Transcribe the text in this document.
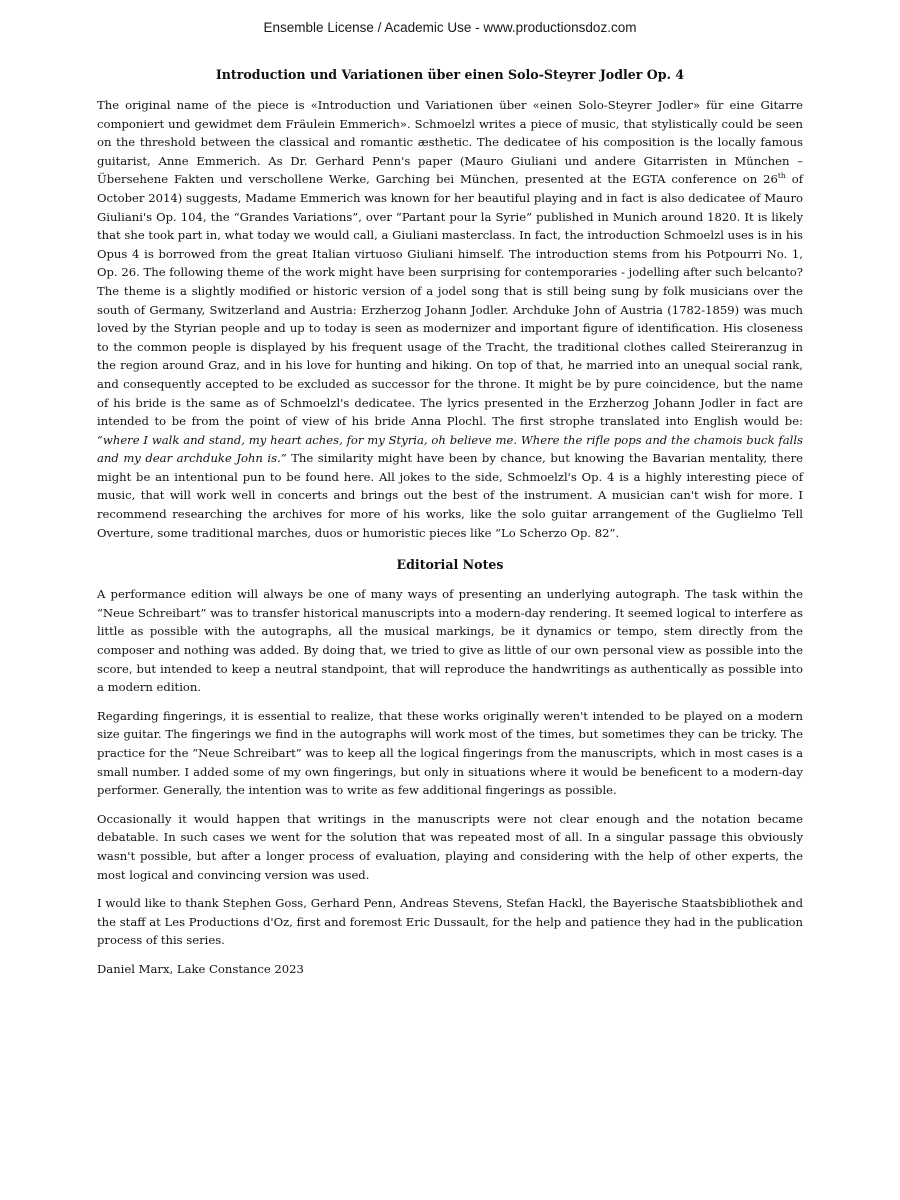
Ensemble License / Academic Use - www.productionsdoz.com
Introduction und Variationen über einen Solo-Steyrer Jodler Op. 4

The original name of the piece is «Introduction und Variationen über «einen Solo-Steyrer Jodler» für eine Gitarre componiert und gewidmet dem Fräulein Emmerich». Schmoelzl writes a piece of music, that stylistically could be seen on the threshold between the classical and romantic æsthetic. The dedicatee of his composition is the locally famous guitarist, Anne Emmerich. As Dr. Gerhard Penn's paper (Mauro Giuliani und andere Gitarristen in München – Übersehene Fakten und verschollene Werke, Garching bei München, presented at the EGTA conference on 26th of October 2014) suggests, Madame Emmerich was known for her beautiful playing and in fact is also dedicatee of Mauro Giuliani's Op. 104, the “Grandes Variations”, over “Partant pour la Syrie” published in Munich around 1820. It is likely that she took part in, what today we would call, a Giuliani masterclass. In fact, the introduction Schmoelzl uses is in his Opus 4 is borrowed from the great Italian virtuoso Giuliani himself. The introduction stems from his Potpourri No. 1, Op. 26. The following theme of the work might have been surprising for contemporaries - jodelling after such belcanto? The theme is a slightly modified or historic version of a jodel song that is still being sung by folk musicians over the south of Germany, Switzerland and Austria: Erzherzog Johann Jodler. Archduke John of Austria (1782-1859) was much loved by the Styrian people and up to today is seen as modernizer and important figure of identification. His closeness to the common people is displayed by his frequent usage of the Tracht, the traditional clothes called Steireranzug in the region around Graz, and in his love for hunting and hiking. On top of that, he married into an unequal social rank, and consequently accepted to be excluded as successor for the throne. It might be by pure coincidence, but the name of his bride is the same as of Schmoelzl's dedicatee. The lyrics presented in the Erzherzog Johann Jodler in fact are intended to be from the point of view of his bride Anna Plochl. The first strophe translated into English would be: “where I walk and stand, my heart aches, for my Styria, oh believe me. Where the rifle pops and the chamois buck falls and my dear archduke John is.” The similarity might have been by chance, but knowing the Bavarian mentality, there might be an intentional pun to be found here. All jokes to the side, Schmoelzl's Op. 4 is a highly interesting piece of music, that will work well in concerts and brings out the best of the instrument. A musician can't wish for more. I recommend researching the archives for more of his works, like the solo guitar arrangement of the Guglielmo Tell Overture, some traditional marches, duos or humoristic pieces like “Lo Scherzo Op. 82”.

Editorial Notes

A performance edition will always be one of many ways of presenting an underlying autograph. The task within the “Neue Schreibart” was to transfer historical manuscripts into a modern-day rendering. It seemed logical to interfere as little as possible with the autographs, all the musical markings, be it dynamics or tempo, stem directly from the composer and nothing was added. By doing that, we tried to give as little of our own personal view as possible into the score, but intended to keep a neutral standpoint, that will reproduce the handwritings as authentically as possible into a modern edition.

Regarding fingerings, it is essential to realize, that these works originally weren't intended to be played on a modern size guitar. The fingerings we find in the autographs will work most of the times, but sometimes they can be tricky. The practice for the “Neue Schreibart” was to keep all the logical fingerings from the manuscripts, which in most cases is a small number. I added some of my own fingerings, but only in situations where it would be beneficent to a modern-day performer. Generally, the intention was to write as few additional fingerings as possible.

Occasionally it would happen that writings in the manuscripts were not clear enough and the notation became debatable. In such cases we went for the solution that was repeated most of all. In a singular passage this obviously wasn't possible, but after a longer process of evaluation, playing and considering with the help of other experts, the most logical and convincing version was used.

I would like to thank Stephen Goss, Gerhard Penn, Andreas Stevens, Stefan Hackl, the Bayerische Staatsbibliothek and the staff at Les Productions d'Oz, first and foremost Eric Dussault, for the help and patience they had in the publication process of this series.

Daniel Marx, Lake Constance 2023
